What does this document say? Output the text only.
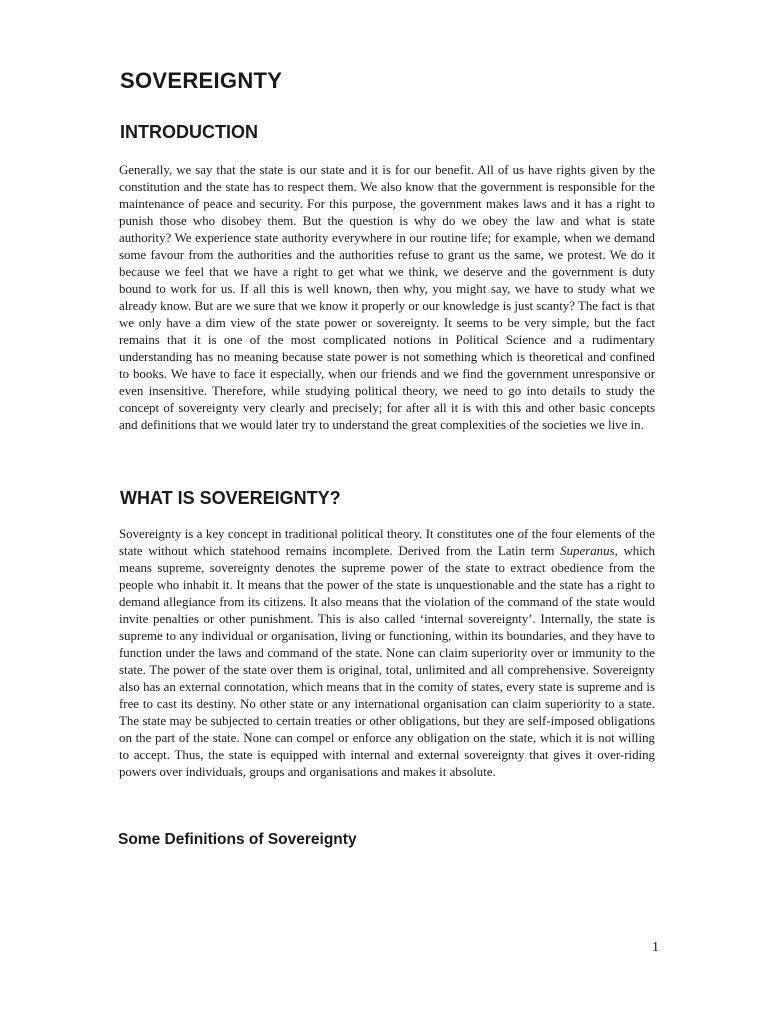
SOVEREIGNTY
INTRODUCTION

Generally, we say that the state is our state and it is for our benefit. All of us have rights given by the constitution and the state has to respect them. We also know that the government is responsible for the maintenance of peace and security. For this purpose, the government makes laws and it has a right to punish those who disobey them. But the question is why do we obey the law and what is state authority? We experience state authority everywhere in our routine life; for example, when we demand some favour from the authorities and the authorities refuse to grant us the same, we protest. We do it because we feel that we have a right to get what we think, we deserve and the government is duty bound to work for us. If all this is well known, then why, you might say, we have to study what we already know. But are we sure that we know it properly or our knowledge is just scanty? The fact is that we only have a dim view of the state power or sovereignty. It seems to be very simple, but the fact remains that it is one of the most complicated notions in Political Science and a rudimentary understanding has no meaning because state power is not something which is theoretical and confined to books. We have to face it especially, when our friends and we find the government unresponsive or even insensitive. Therefore, while studying political theory, we need to go into details to study the concept of sovereignty very clearly and precisely; for after all it is with this and other basic concepts and definitions that we would later try to understand the great complexities of the societies we live in.

WHAT IS SOVEREIGNTY?

Sovereignty is a key concept in traditional political theory. It constitutes one of the four elements of the state without which statehood remains incomplete. Derived from the Latin term Superanus, which means supreme, sovereignty denotes the supreme power of the state to extract obedience from the people who inhabit it. It means that the power of the state is unquestionable and the state has a right to demand allegiance from its citizens. It also means that the violation of the command of the state would invite penalties or other punishment. This is also called ‘internal sovereignty’. Internally, the state is supreme to any individual or organisation, living or functioning, within its boundaries, and they have to function under the laws and command of the state. None can claim superiority over or immunity to the state. The power of the state over them is original, total, unlimited and all comprehensive. Sovereignty also has an external connotation, which means that in the comity of states, every state is supreme and is free to cast its destiny. No other state or any international organisation can claim superiority to a state. The state may be subjected to certain treaties or other obligations, but they are self-imposed obligations on the part of the state. None can compel or enforce any obligation on the state, which it is not willing to accept. Thus, the state is equipped with internal and external sovereignty that gives it over-riding powers over individuals, groups and organisations and makes it absolute.

Some Definitions of Sovereignty
1
